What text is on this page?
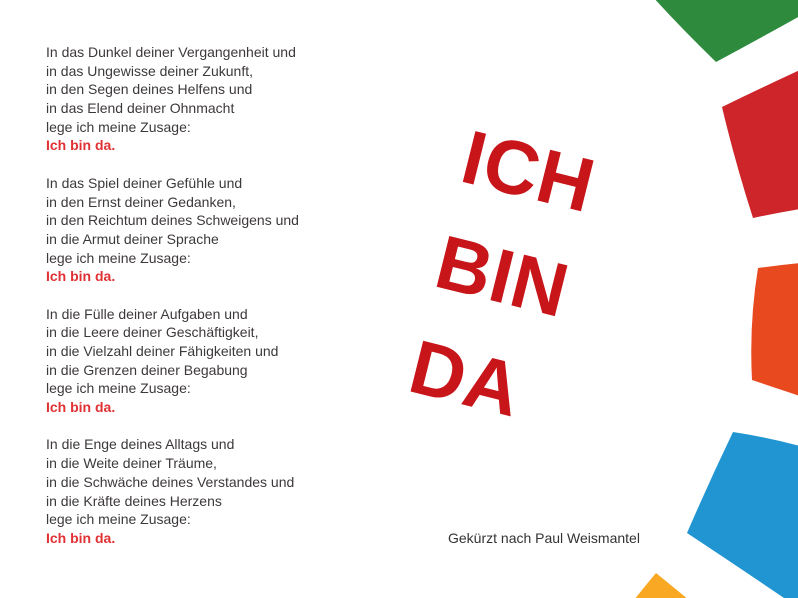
In das Dunkel deiner Vergangenheit und
in das Ungewisse deiner Zukunft,
in den Segen deines Helfens und
in das Elend deiner Ohnmacht
lege ich meine Zusage:
Ich bin da.
In das Spiel deiner Gefühle und
in den Ernst deiner Gedanken,
in den Reichtum deines Schweigens und
in die Armut deiner Sprache
lege ich meine Zusage:
Ich bin da.
In die Fülle deiner Aufgaben und
in die Leere deiner Geschäftigkeit,
in die Vielzahl deiner Fähigkeiten und
in die Grenzen deiner Begabung
lege ich meine Zusage:
Ich bin da.
In die Enge deines Alltags und
in die Weite deiner Träume,
in die Schwäche deines Verstandes und
in die Kräfte deines Herzens
lege ich meine Zusage:
Ich bin da.
ICH
BIN
DA
Gekürzt nach Paul Weismantel
